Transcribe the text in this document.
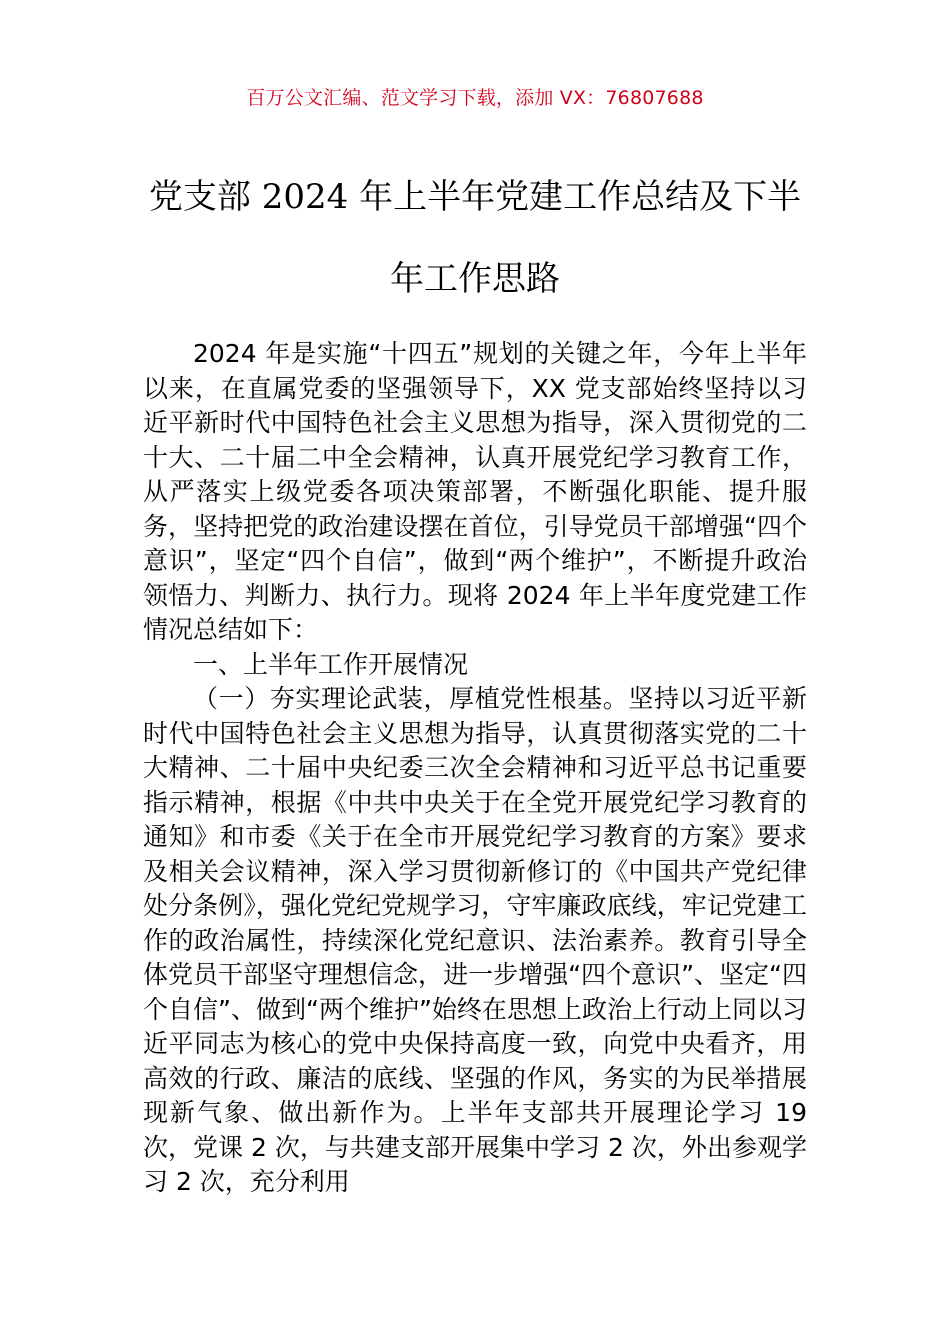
百万公文汇编、范文学习下载，添加 VX：76807688
党支部 2024 年上半年党建工作总结及下半年工作思路

2024 年是实施“十四五”规划的关键之年，今年上半年以来，在直属党委的坚强领导下，XX 党支部始终坚持以习近平新时代中国特色社会主义思想为指导，深入贯彻党的二十大、二十届二中全会精神，认真开展党纪学习教育工作，从严落实上级党委各项决策部署，不断强化职能、提升服务，坚持把党的政治建设摆在首位，引导党员干部增强“四个意识”，坚定“四个自信”，做到“两个维护”，不断提升政治领悟力、判断力、执行力。现将 2024 年上半年度党建工作情况总结如下：

一、上半年工作开展情况

（一）夯实理论武装，厚植党性根基。坚持以习近平新时代中国特色社会主义思想为指导，认真贯彻落实党的二十大精神、二十届中央纪委三次全会精神和习近平总书记重要指示精神，根据《中共中央关于在全党开展党纪学习教育的通知》和市委《关于在全市开展党纪学习教育的方案》要求及相关会议精神，深入学习贯彻新修订的《中国共产党纪律处分条例》，强化党纪党规学习，守牢廉政底线，牢记党建工作的政治属性，持续深化党纪意识、法治素养。教育引导全体党员干部坚守理想信念，进一步增强“四个意识”、坚定“四个自信”、做到“两个维护”始终在思想上政治上行动上同以习近平同志为核心的党中央保持高度一致，向党中央看齐，用高效的行政、廉洁的底线、坚强的作风，务实的为民举措展现新气象、做出新作为。上半年支部共开展理论学习 19 次，党课 2 次，与共建支部开展集中学习 2 次，外出参观学习 2 次，充分利用
